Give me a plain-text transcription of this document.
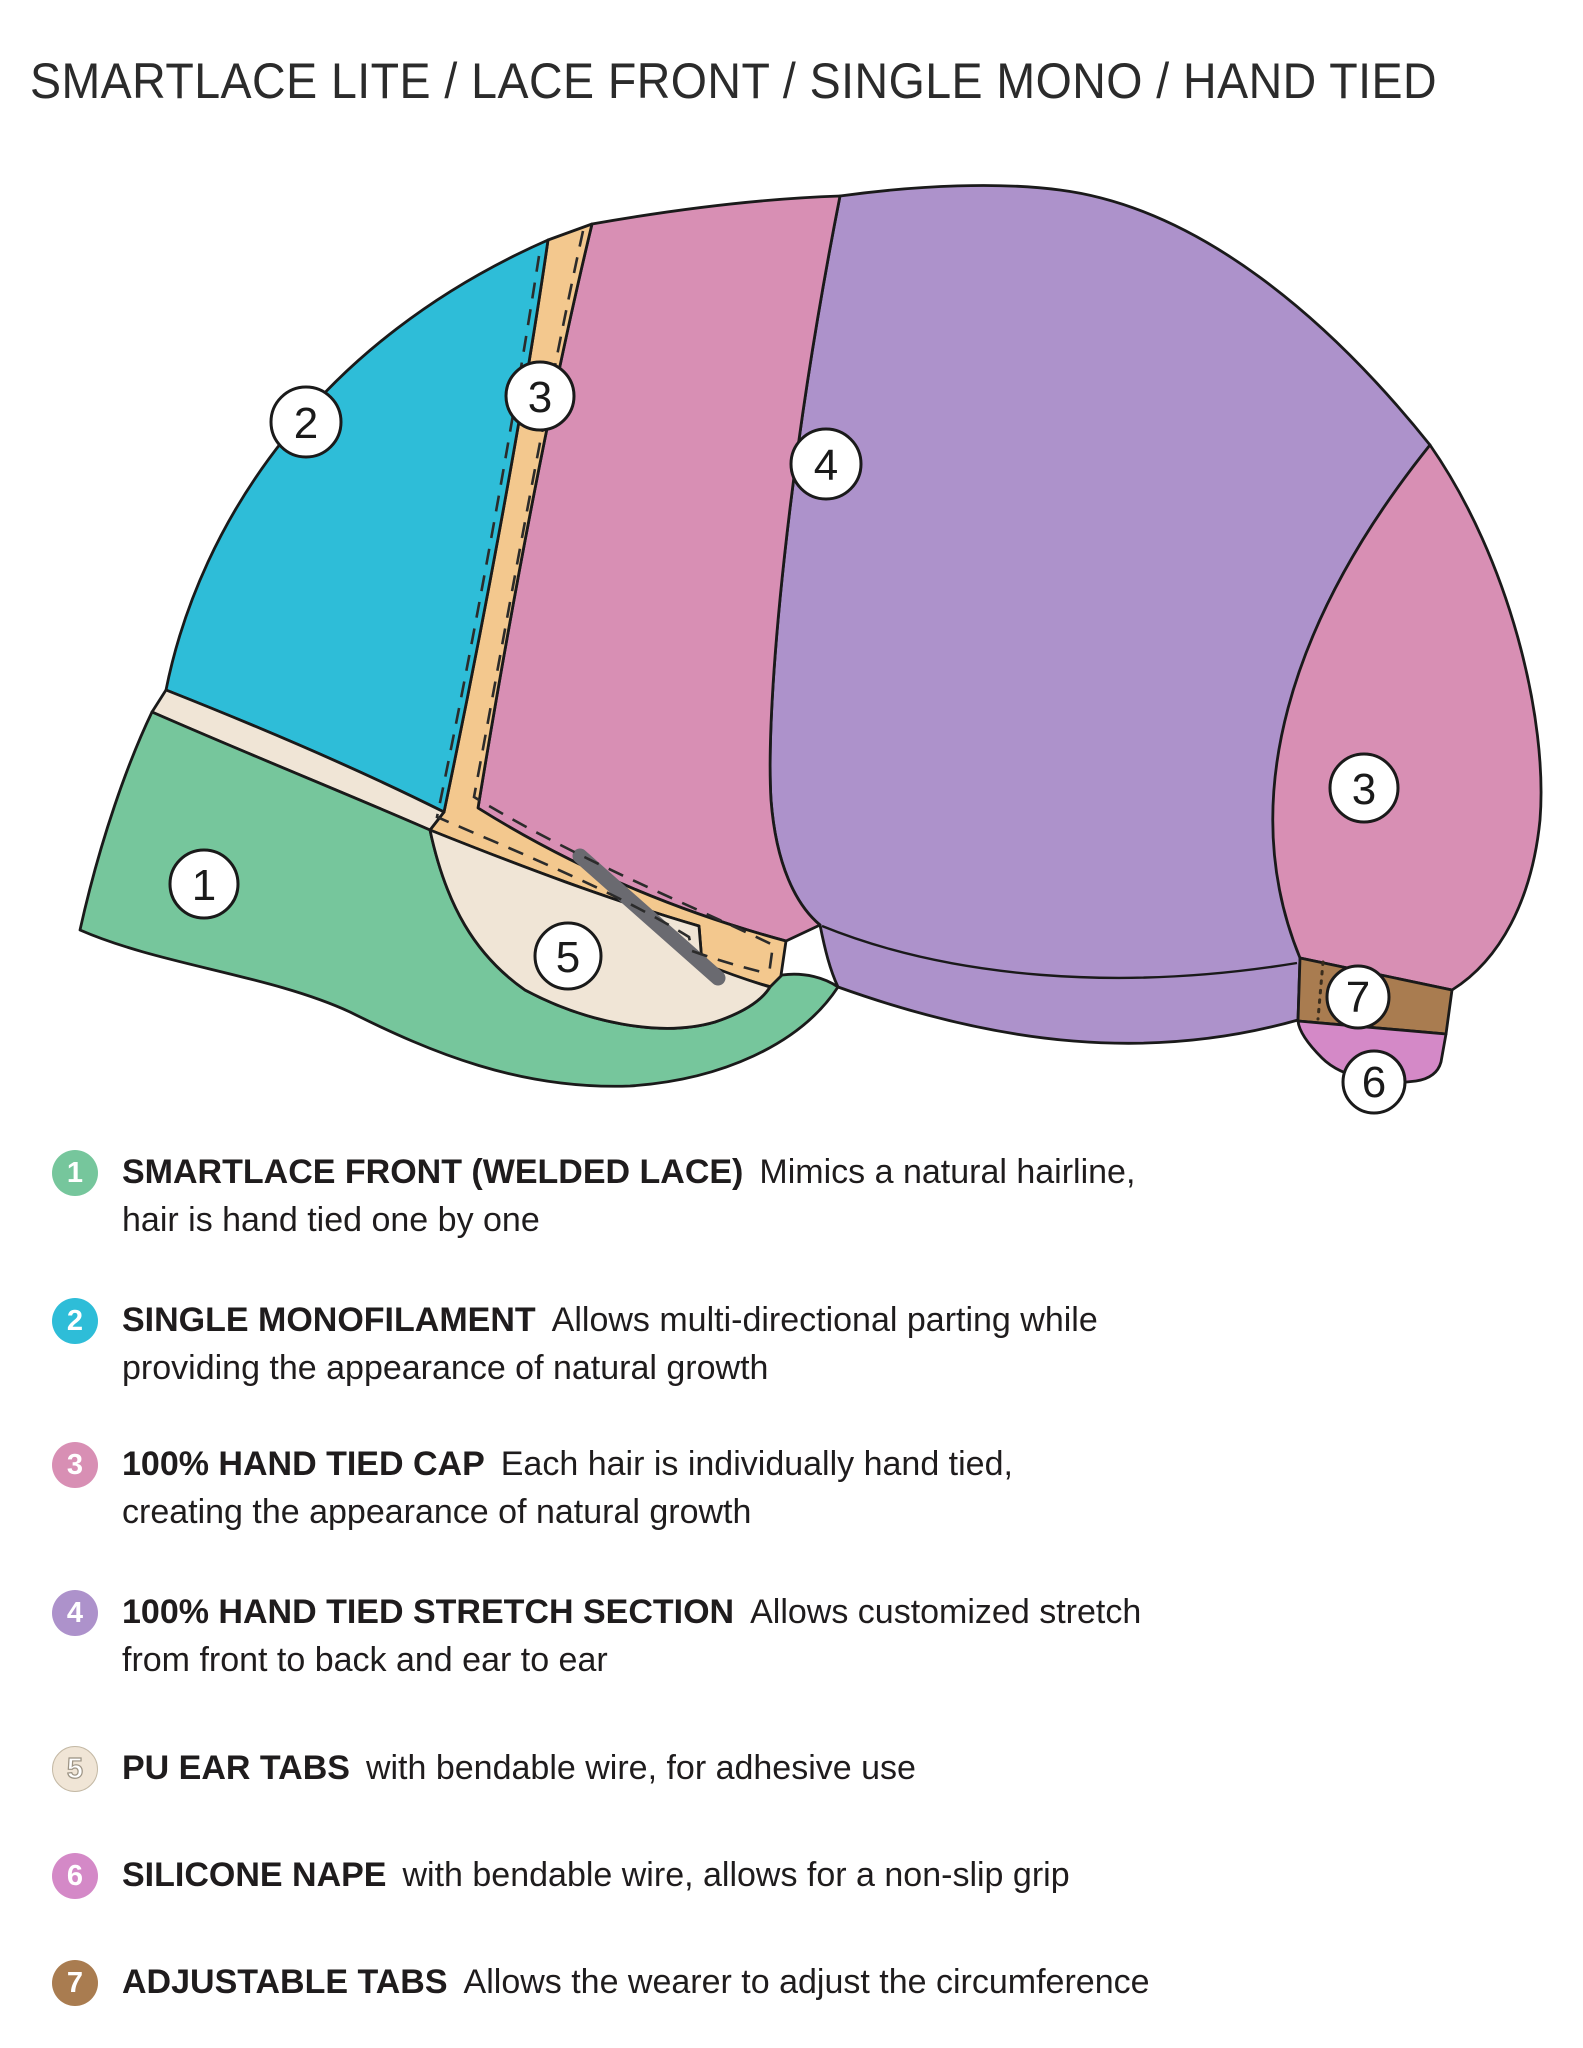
SMARTLACE LITE / LACE FRONT / SINGLE MONO / HAND TIED
1
2
3
4
3
5
7
6
1	SMARTLACE FRONT (WELDED LACE) Mimics a natural hairline,
hair is hand tied one by one
2	SINGLE MONOFILAMENT Allows multi-directional parting while
providing the appearance of natural growth
3	100% HAND TIED CAP Each hair is individually hand tied,
creating the appearance of natural growth
4	100% HAND TIED STRETCH SECTION Allows customized stretch
from front to back and ear to ear
5	PU EAR TABS with bendable wire, for adhesive use
6	SILICONE NAPE with bendable wire, allows for a non-slip grip
7	ADJUSTABLE TABS Allows the wearer to adjust the circumference
